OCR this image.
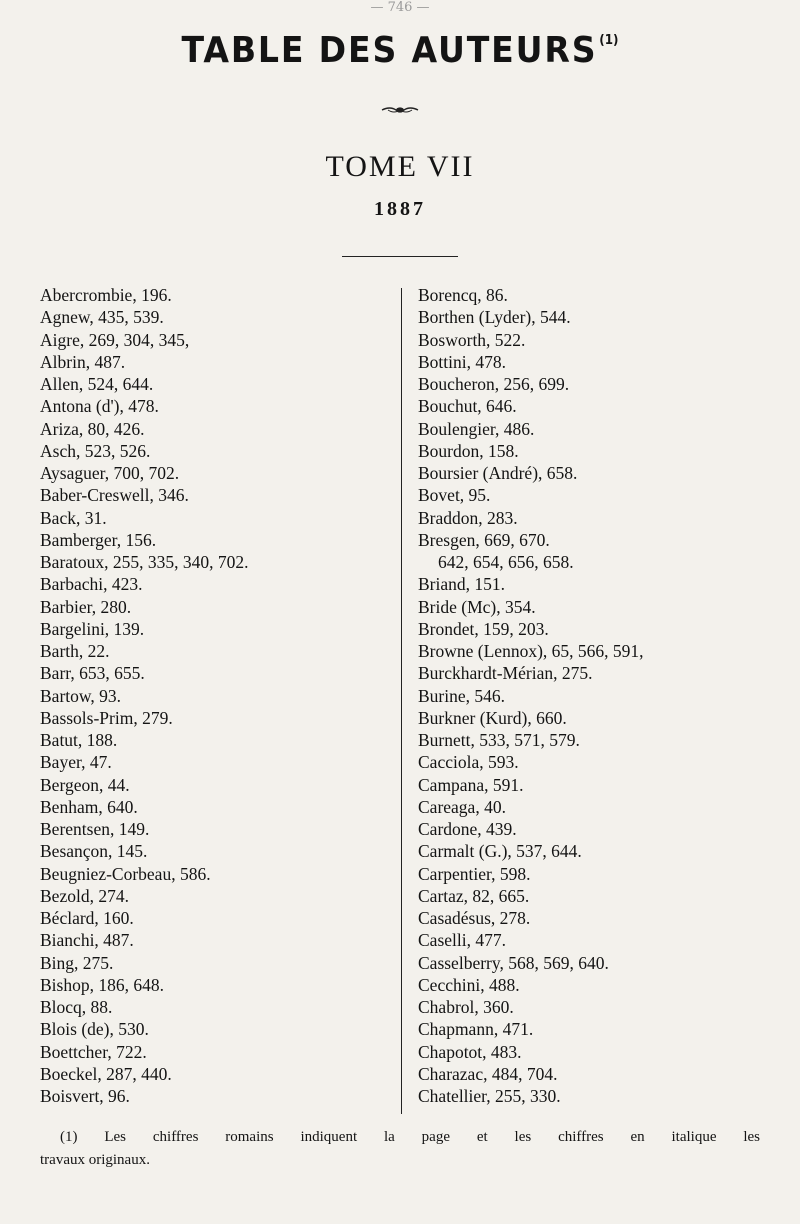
— 746 —
TABLE DES AUTEURS $^{(1)}$
TOME VII
1887
Abercrombie, 196.
Agnew, 435, 539.
Aigre, 269, 304, 345,
Albrin, 487.
Allen, 524, 644.
Antona (d'), 478.
Ariza, 80, 426.
Asch, 523, 526.
Aysaguer, 700, 702.
Baber-Creswell, 346.
Back, 31.
Bamberger, 156.
Baratoux, 255, 335, 340, 702.
Barbachi, 423.
Barbier, 280.
Bargelini, 139.
Barth, 22.
Barr, 653, 655.
Bartow, 93.
Bassols-Prim, 279.
Batut, 188.
Bayer, 47.
Bergeon, 44.
Benham, 640.
Berentsen, 149.
Besançon, 145.
Beugniez-Corbeau, 586.
Bezold, 274.
Béclard, 160.
Bianchi, 487.
Bing, 275.
Bishop, 186, 648.
Blocq, 88.
Blois (de), 530.
Boettcher, 722.
Boeckel, 287, 440.
Boisvert, 96.
Borencq, 86.
Borthen (Lyder), 544.
Bosworth, 522.
Bottini, 478.
Boucheron, 256, 699.
Bouchut, 646.
Boulengier, 486.
Bourdon, 158.
Boursier (André), 658.
Bovet, 95.
Braddon, 283.
Bresgen, 669, 670.
642, 654, 656, 658.
Briand, 151.
Bride (Mc), 354.
Brondet, 159, 203.
Browne (Lennox), 65, 566, 591,
Burckhardt-Mérian, 275.
Burine, 546.
Burkner (Kurd), 660.
Burnett, 533, 571, 579.
Cacciola, 593.
Campana, 591.
Careaga, 40.
Cardone, 439.
Carmalt (G.), 537, 644.
Carpentier, 598.
Cartaz, 82, 665.
Casadésus, 278.
Caselli, 477.
Casselberry, 568, 569, 640.
Cecchini, 488.
Chabrol, 360.
Chapmann, 471.
Chapotot, 483.
Charazac, 484, 704.
Chatellier, 255, 330.
(1) Les chiffres romains indiquent la page et les chiffres en italique les
travaux originaux.
